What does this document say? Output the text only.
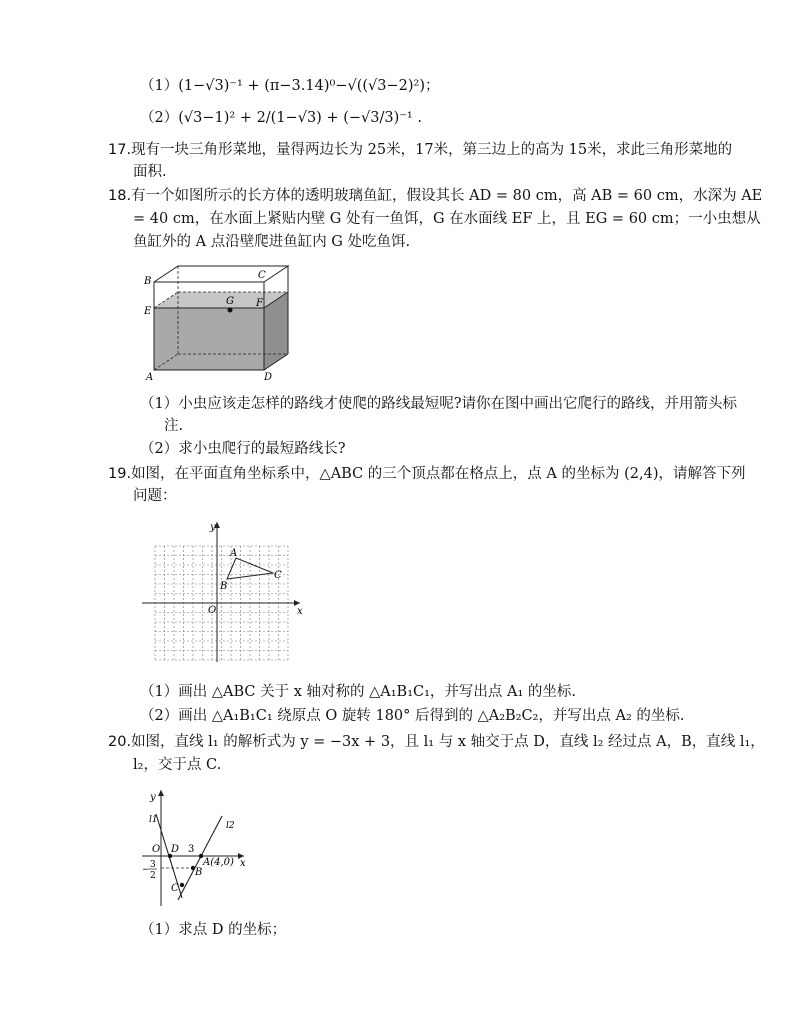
（1）(1−√3)⁻¹ + (π−3.14)⁰−√((√3−2)²)；
（2）(√3−1)² + 2/(1−√3) + (−√3/3)⁻¹ .
17.现有一块三角形菜地，量得两边长为 25米，17米，第三边上的高为 15米，求此三角形菜地的
面积.
18.有一个如图所示的长方体的透明玻璃鱼缸，假设其长 AD = 80 cm，高 AB = 60 cm，水深为 AE
= 40 cm，在水面上紧贴内壁 G 处有一鱼饵，G 在水面线 EF 上，且 EG = 60 cm；一小虫想从
鱼缸外的 A 点沿壁爬进鱼缸内 G 处吃鱼饵.
B
C
E
G F
A	D
（1）小虫应该走怎样的路线才使爬的路线最短呢?请你在图中画出它爬行的路线，并用箭头标
注.
（2）求小虫爬行的最短路线长?
19.如图，在平面直角坐标系中，△ABC 的三个顶点都在格点上，点 A 的坐标为 (2,4)，请解答下列
问题：
y
x
O
A
B
C
（1）画出 △ABC 关于 x 轴对称的 △A₁B₁C₁，并写出点 A₁ 的坐标.
（2）画出 △A₁B₁C₁ 绕原点 O 旋转 180° 后得到的 △A₂B₂C₂，并写出点 A₂ 的坐标.
20.如图，直线 l₁ 的解析式为 y = −3x + 3，且 l₁ 与 x 轴交于点 D，直线 l₂ 经过点 A，B，直线 l₁，
l₂，交于点 C.
y
l1
l2
O D 3
A(4,0)
B
C
− 3
2
x
（1）求点 D 的坐标；
